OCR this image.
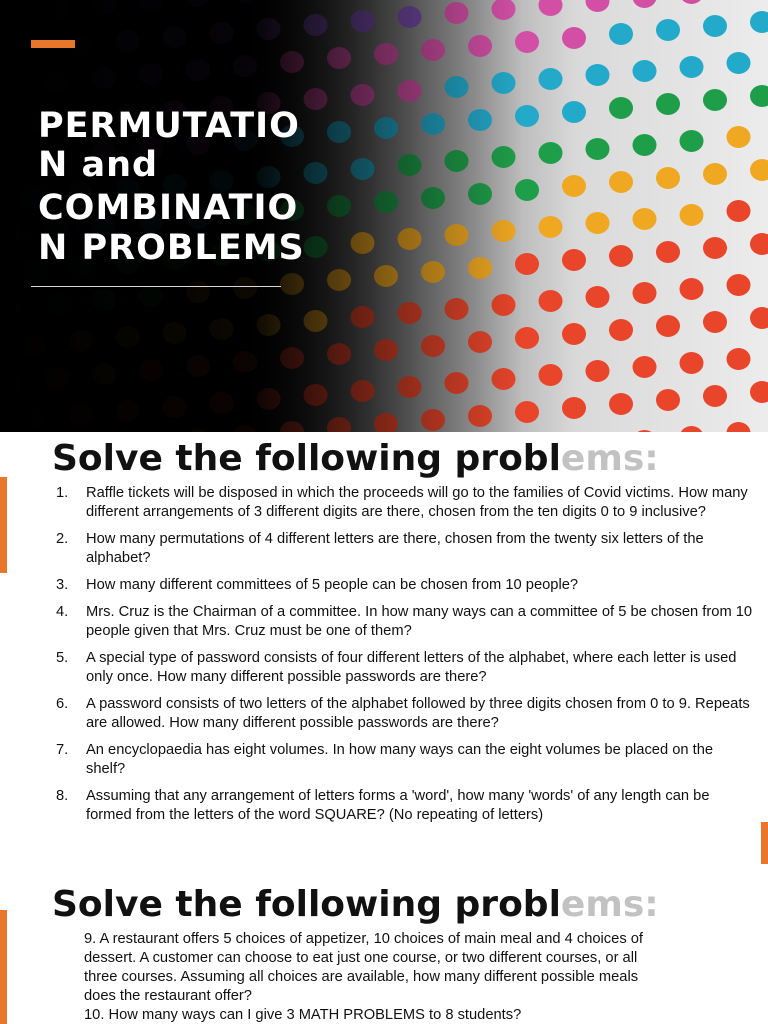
PERMUTATIO
N and
COMBINATIO
N PROBLEMS
Solve the following problems:
1. Raffle tickets will be disposed in which the proceeds will go to the families of Covid victims. How many different arrangements of 3 different digits are there, chosen from the ten digits 0 to 9 inclusive?
2. How many permutations of 4 different letters are there, chosen from the twenty six letters of the alphabet?
3. How many different committees of 5 people can be chosen from 10 people?
4. Mrs. Cruz is the Chairman of a committee. In how many ways can a committee of 5 be chosen from 10 people given that Mrs. Cruz must be one of them?
5. A special type of password consists of four different letters of the alphabet, where each letter is used only once. How many different possible passwords are there?
6. A password consists of two letters of the alphabet followed by three digits chosen from 0 to 9. Repeats are allowed. How many different possible passwords are there?
7. An encyclopaedia has eight volumes. In how many ways can the eight volumes be placed on the shelf?
8. Assuming that any arrangement of letters forms a 'word', how many 'words' of any length can be formed from the letters of the word SQUARE? (No repeating of letters)
Solve the following problems:

9. A restaurant offers 5 choices of appetizer, 10 choices of main meal and 4 choices of dessert. A customer can choose to eat just one course, or two different courses, or all three courses. Assuming all choices are available, how many different possible meals does the restaurant offer?

10. How many ways can I give 3 MATH PROBLEMS to 8 students?
